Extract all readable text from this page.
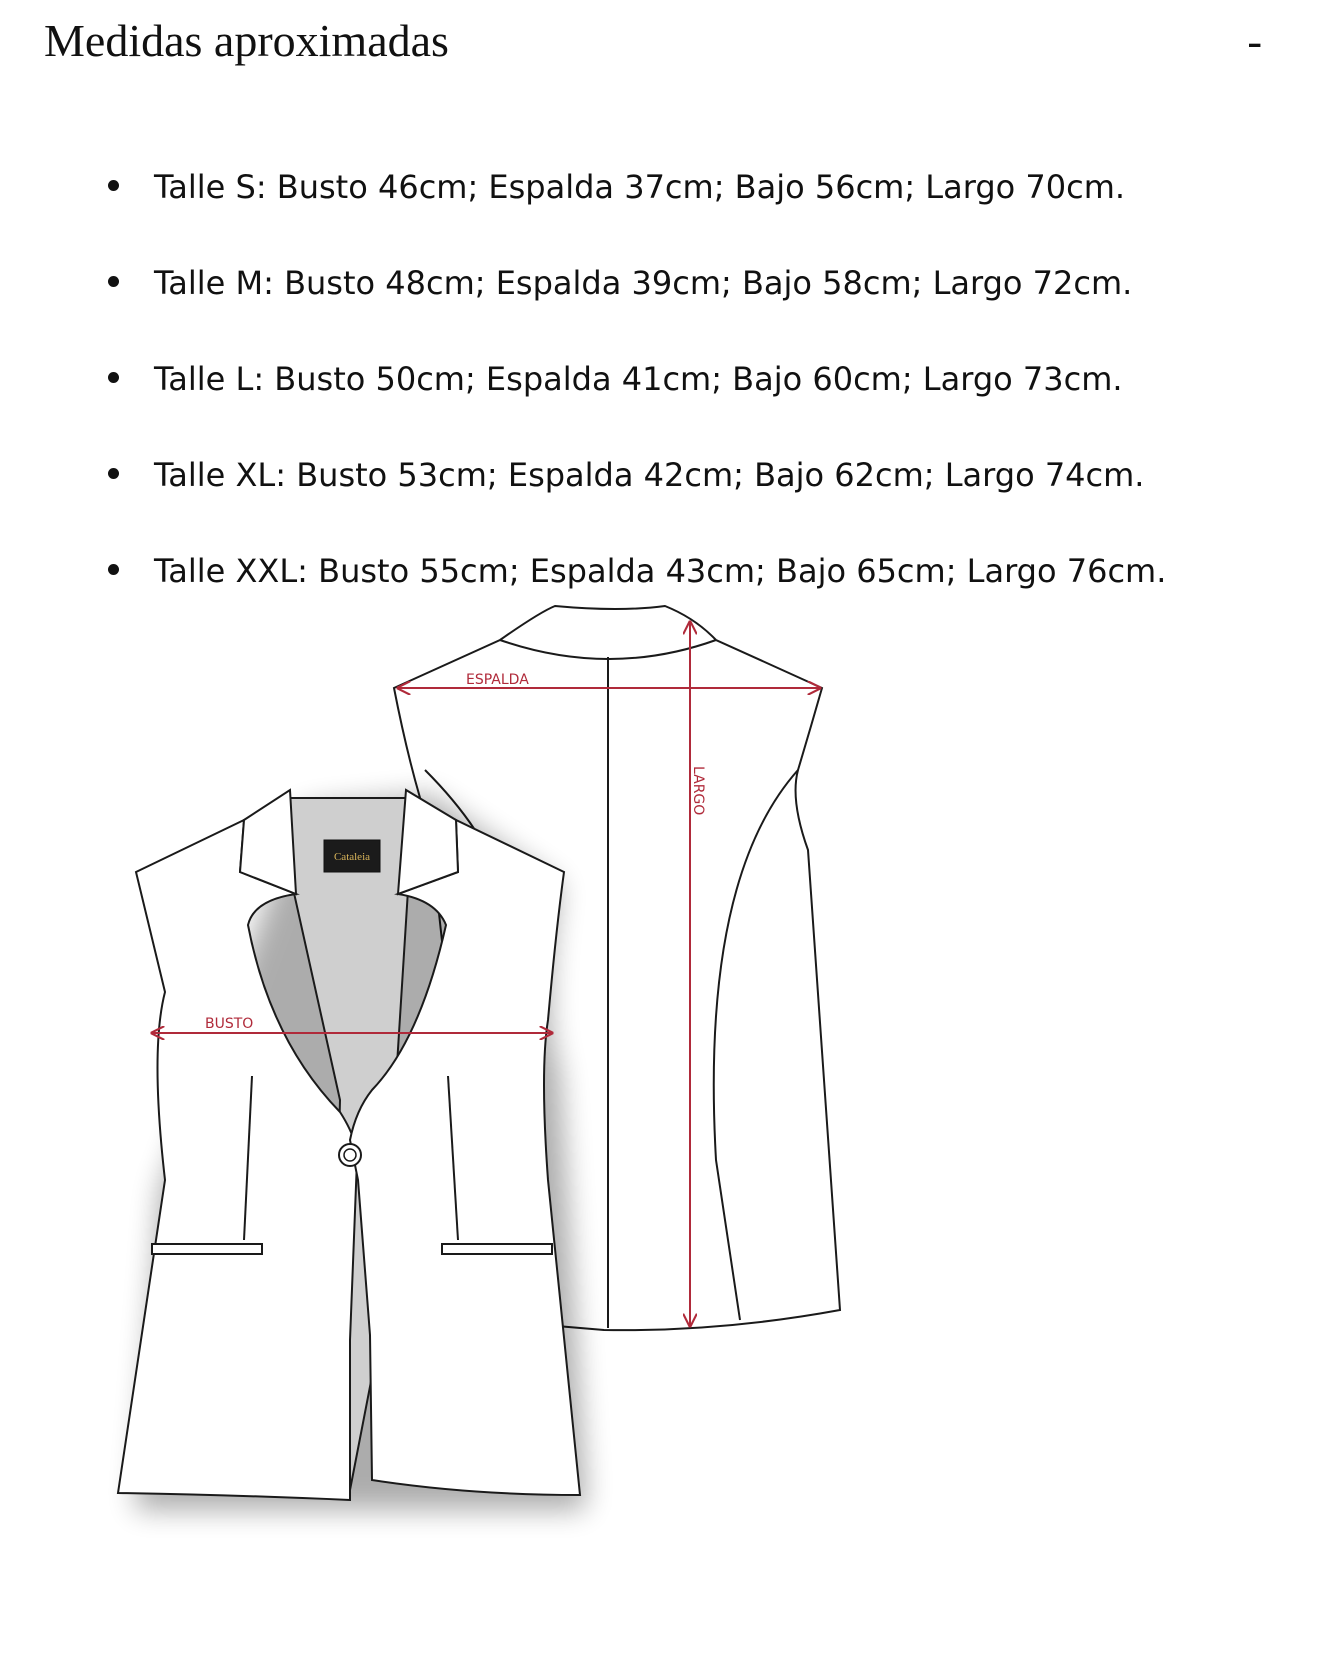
Medidas aproximadas	-
Talle S: Busto 46cm; Espalda 37cm; Bajo 56cm; Largo 70cm.
Talle M: Busto 48cm; Espalda 39cm; Bajo 58cm; Largo 72cm.
Talle L: Busto 50cm; Espalda 41cm; Bajo 60cm; Largo 73cm.
Talle XL: Busto 53cm; Espalda 42cm; Bajo 62cm; Largo 74cm.
Talle XXL: Busto 55cm; Espalda 43cm; Bajo 65cm; Largo 76cm.
Cataleia
ESPALDA
LARGO
BUSTO
